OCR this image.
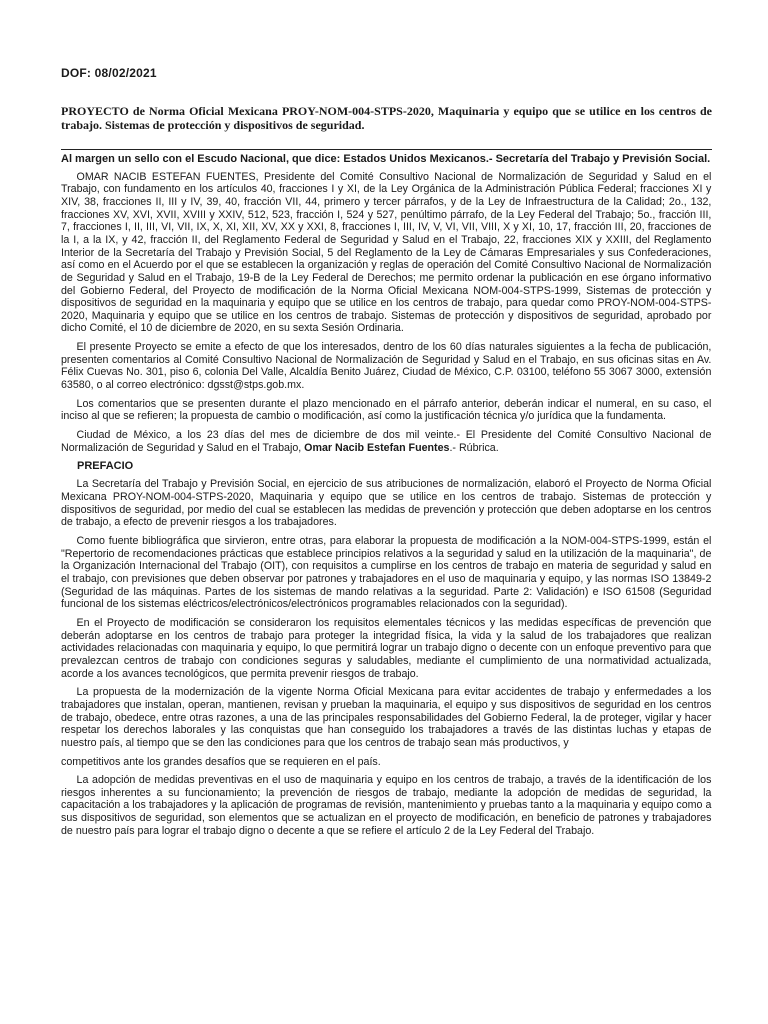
DOF: 08/02/2021
PROYECTO de Norma Oficial Mexicana PROY-NOM-004-STPS-2020, Maquinaria y equipo que se utilice en los centros de trabajo. Sistemas de protección y dispositivos de seguridad.
Al margen un sello con el Escudo Nacional, que dice: Estados Unidos Mexicanos.- Secretaría del Trabajo y Previsión Social.

OMAR NACIB ESTEFAN FUENTES, Presidente del Comité Consultivo Nacional de Normalización de Seguridad y Salud en el Trabajo, con fundamento en los artículos 40, fracciones I y XI, de la Ley Orgánica de la Administración Pública Federal; fracciones XI y XIV, 38, fracciones II, III y IV, 39, 40, fracción VII, 44, primero y tercer párrafos, y de la Ley de Infraestructura de la Calidad; 2o., 132, fracciones XV, XVI, XVII, XVIII y XXIV, 512, 523, fracción I, 524 y 527, penúltimo párrafo, de la Ley Federal del Trabajo; 5o., fracción III, 7, fracciones I, II, III, VI, VII, IX, X, XI, XII, XV, XX y XXI, 8, fracciones I, III, IV, V, VI, VII, VIII, X y XI, 10, 17, fracción III, 20, fracciones de la I, a la IX, y 42, fracción II, del Reglamento Federal de Seguridad y Salud en el Trabajo, 22, fracciones XIX y XXIII, del Reglamento Interior de la Secretaría del Trabajo y Previsión Social, 5 del Reglamento de la Ley de Cámaras Empresariales y sus Confederaciones, así como en el Acuerdo por el que se establecen la organización y reglas de operación del Comité Consultivo Nacional de Normalización de Seguridad y Salud en el Trabajo, 19-B de la Ley Federal de Derechos; me permito ordenar la publicación en ese órgano informativo del Gobierno Federal, del Proyecto de modificación de la Norma Oficial Mexicana NOM-004-STPS-1999, Sistemas de protección y dispositivos de seguridad en la maquinaria y equipo que se utilice en los centros de trabajo, para quedar como PROY-NOM-004-STPS-2020, Maquinaria y equipo que se utilice en los centros de trabajo. Sistemas de protección y dispositivos de seguridad, aprobado por dicho Comité, el 10 de diciembre de 2020, en su sexta Sesión Ordinaria.

El presente Proyecto se emite a efecto de que los interesados, dentro de los 60 días naturales siguientes a la fecha de publicación, presenten comentarios al Comité Consultivo Nacional de Normalización de Seguridad y Salud en el Trabajo, en sus oficinas sitas en Av. Félix Cuevas No. 301, piso 6, colonia Del Valle, Alcaldía Benito Juárez, Ciudad de México, C.P. 03100, teléfono 55 3067 3000, extensión 63580, o al correo electrónico: dgsst@stps.gob.mx.

Los comentarios que se presenten durante el plazo mencionado en el párrafo anterior, deberán indicar el numeral, en su caso, el inciso al que se refieren; la propuesta de cambio o modificación, así como la justificación técnica y/o jurídica que la fundamenta.

Ciudad de México, a los 23 días del mes de diciembre de dos mil veinte.- El Presidente del Comité Consultivo Nacional de Normalización de Seguridad y Salud en el Trabajo, Omar Nacib Estefan Fuentes.- Rúbrica.

PREFACIO

La Secretaría del Trabajo y Previsión Social, en ejercicio de sus atribuciones de normalización, elaboró el Proyecto de Norma Oficial Mexicana PROY-NOM-004-STPS-2020, Maquinaria y equipo que se utilice en los centros de trabajo. Sistemas de protección y dispositivos de seguridad, por medio del cual se establecen las medidas de prevención y protección que deben adoptarse en los centros de trabajo, a efecto de prevenir riesgos a los trabajadores.

Como fuente bibliográfica que sirvieron, entre otras, para elaborar la propuesta de modificación a la NOM-004-STPS-1999, están el "Repertorio de recomendaciones prácticas que establece principios relativos a la seguridad y salud en la utilización de la maquinaria", de la Organización Internacional del Trabajo (OIT), con requisitos a cumplirse en los centros de trabajo en materia de seguridad y salud en el trabajo, con previsiones que deben observar por patrones y trabajadores en el uso de maquinaria y equipo, y las normas ISO 13849-2 (Seguridad de las máquinas. Partes de los sistemas de mando relativas a la seguridad. Parte 2: Validación) e ISO 61508 (Seguridad funcional de los sistemas eléctricos/electrónicos/electrónicos programables relacionados con la seguridad).

En el Proyecto de modificación se consideraron los requisitos elementales técnicos y las medidas específicas de prevención que deberán adoptarse en los centros de trabajo para proteger la integridad física, la vida y la salud de los trabajadores que realizan actividades relacionadas con maquinaria y equipo, lo que permitirá lograr un trabajo digno o decente con un enfoque preventivo para que prevalezcan centros de trabajo con condiciones seguras y saludables, mediante el cumplimiento de una normatividad actualizada, acorde a los avances tecnológicos, que permita prevenir riesgos de trabajo.

La propuesta de la modernización de la vigente Norma Oficial Mexicana para evitar accidentes de trabajo y enfermedades a los trabajadores que instalan, operan, mantienen, revisan y prueban la maquinaria, el equipo y sus dispositivos de seguridad en los centros de trabajo, obedece, entre otras razones, a una de las principales responsabilidades del Gobierno Federal, la de proteger, vigilar y hacer respetar los derechos laborales y las conquistas que han conseguido los trabajadores a través de las distintas luchas y etapas de nuestro país, al tiempo que se den las condiciones para que los centros de trabajo sean más productivos, y

competitivos ante los grandes desafíos que se requieren en el país.

La adopción de medidas preventivas en el uso de maquinaria y equipo en los centros de trabajo, a través de la identificación de los riesgos inherentes a su funcionamiento; la prevención de riesgos de trabajo, mediante la adopción de medidas de seguridad, la capacitación a los trabajadores y la aplicación de programas de revisión, mantenimiento y pruebas tanto a la maquinaria y equipo como a sus dispositivos de seguridad, son elementos que se actualizan en el proyecto de modificación, en beneficio de patrones y trabajadores de nuestro país para lograr el trabajo digno o decente a que se refiere el artículo 2 de la Ley Federal del Trabajo.
